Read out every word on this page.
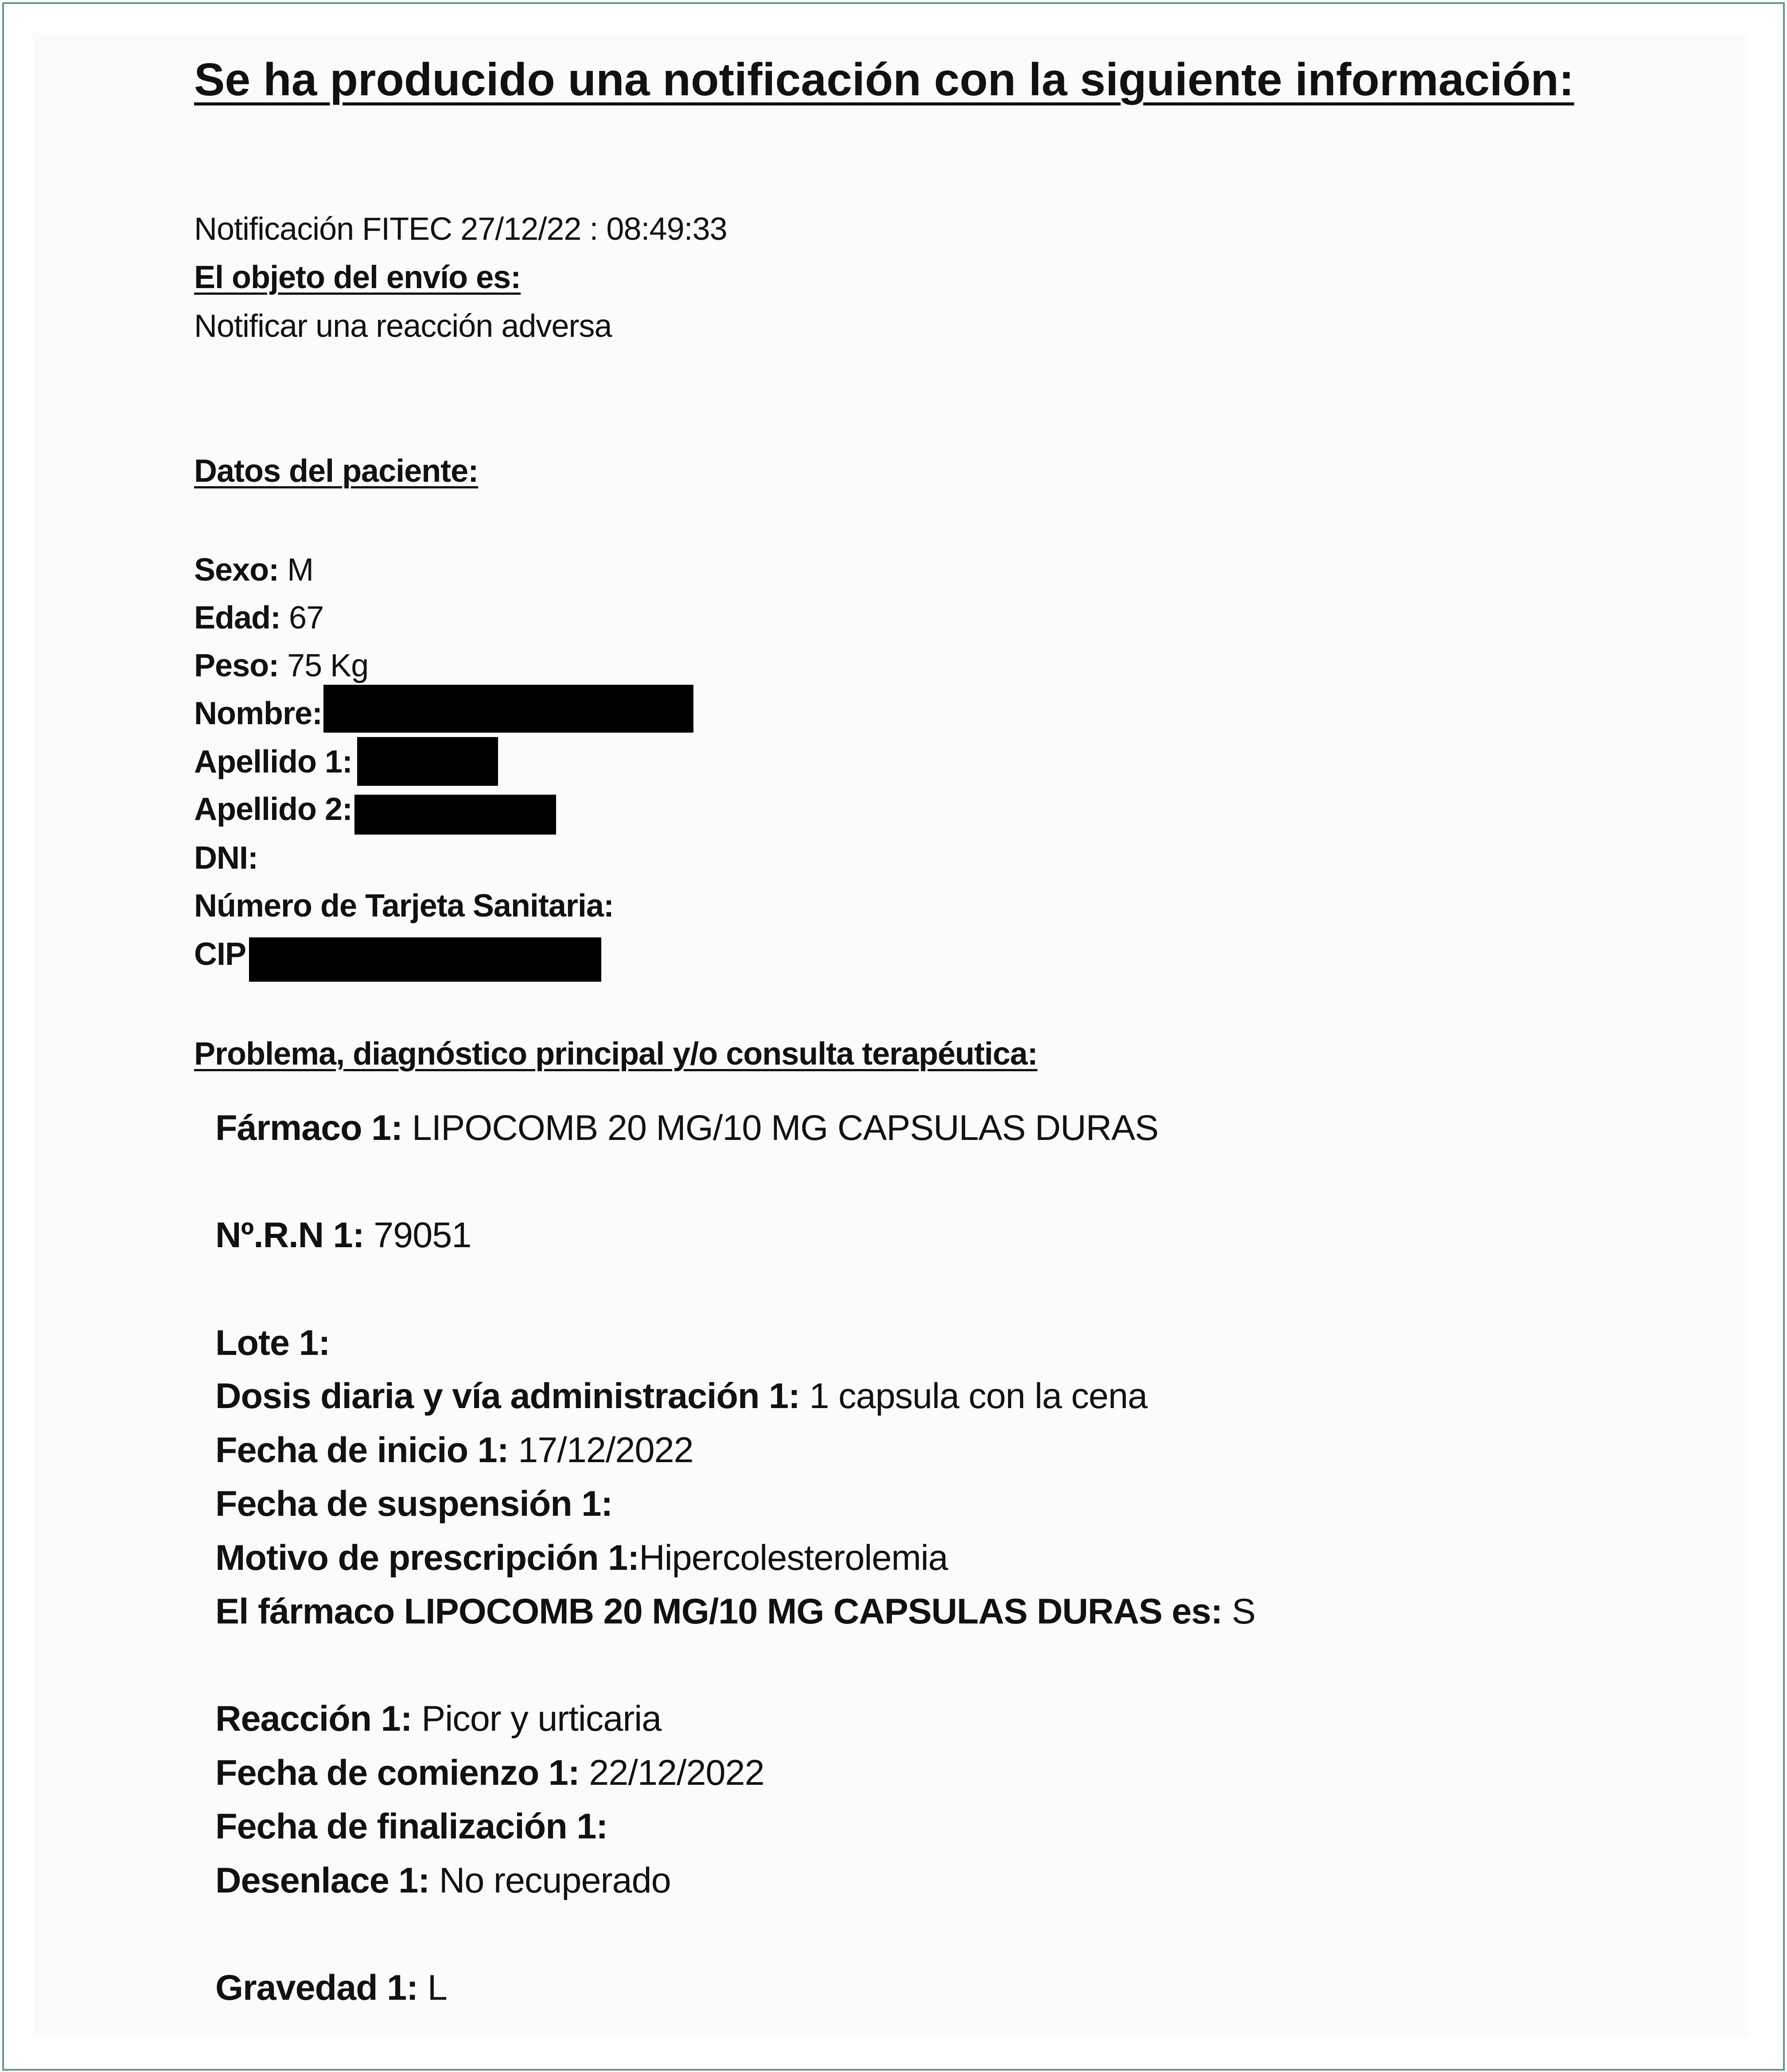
Se ha producido una notificación con la siguiente información:
Notificación FITEC 27/12/22 : 08:49:33
El objeto del envío es:
Notificar una reacción adversa
Datos del paciente:
Sexo: M
Edad: 67
Peso: 75 Kg
Nombre:
Apellido 1:
Apellido 2:
DNI:
Número de Tarjeta Sanitaria:
CIP
Problema, diagnóstico principal y/o consulta terapéutica:
Fármaco 1: LIPOCOMB 20 MG/10 MG CAPSULAS DURAS
Nº.R.N 1: 79051
Lote 1:
Dosis diaria y vía administración 1: 1 capsula con la cena
Fecha de inicio 1: 17/12/2022
Fecha de suspensión 1:
Motivo de prescripción 1:Hipercolesterolemia
El fármaco LIPOCOMB 20 MG/10 MG CAPSULAS DURAS es: S
Reacción 1: Picor y urticaria
Fecha de comienzo 1: 22/12/2022
Fecha de finalización 1:
Desenlace 1: No recuperado
Gravedad 1: L
